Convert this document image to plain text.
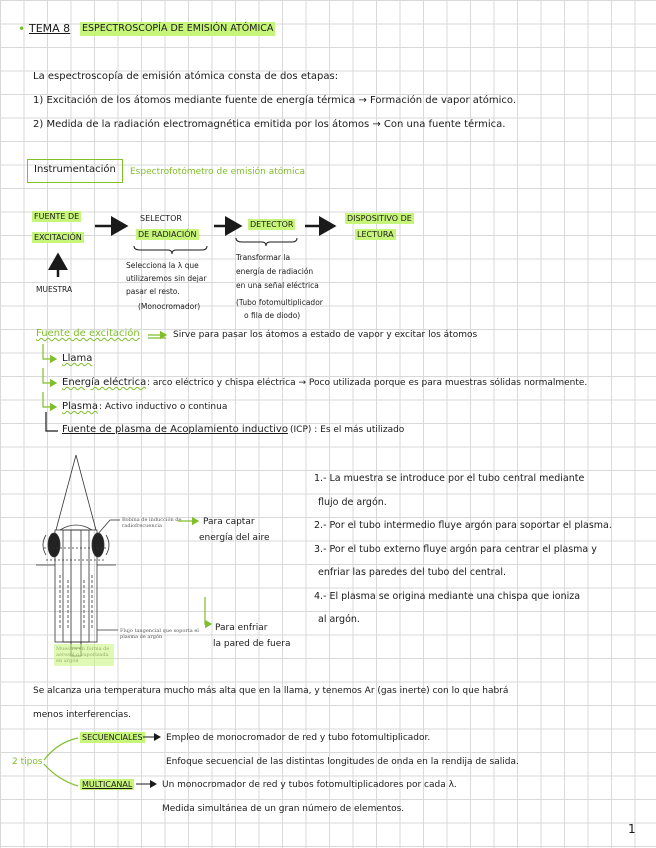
• TEMA 8 ESPECTROSCOPÍA DE EMISIÓN ATÓMICA
La espectroscopía de emisión atómica consta de dos etapas:
1) Excitación de los átomos mediante fuente de energía térmica → Formación de vapor atómico.
2) Medida de la radiación electromagnética emitida por los átomos → Con una fuente térmica.
Instrumentación Espectrofotómetro de emisión atómica
FUENTE DE
EXCITACIÓN
SELECTOR
DE RADIACIÓN
DETECTOR
DISPOSITIVO DE
LECTURA
MUESTRA
Selecciona la λ que
utilizaremos sin dejar
pasar el resto.
(Monocromador)
Transformar la
energía de radiación
en una señal eléctrica
(Tubo fotomultiplicador
o fila de diodo)
Fuente de excitación	Sirve para pasar los átomos a estado de vapor y excitar los átomos
Llama
Energía eléctrica : arco eléctrico y chispa eléctrica → Poco utilizada porque es para muestras sólidas normalmente.
Plasma : Activo inductivo o continua
Fuente de plasma de Acoplamiento inductivo (ICP) : Es el más utilizado
Bobina de inducción de radiofrecuencia
Flujo tangencial que soporta el plasma de argón
Para captar
energía del aire
Para enfriar
la pared de fuera
1.- La muestra se introduce por el tubo central mediante
flujo de argón.
2.- Por el tubo intermedio fluye argón para soportar el plasma.
3.- Por el tubo externo fluye argón para centrar el plasma y
enfriar las paredes del tubo del central.
4.- El plasma se origina mediante una chispa que ioniza
al argón.
Se alcanza una temperatura mucho más alta que en la llama, y tenemos Ar (gas inerte) con lo que habrá
menos interferencias.
2 tipos
SECUENCIALES	Empleo de monocromador de red y tubo fotomultiplicador.
Enfoque secuencial de las distintas longitudes de onda en la rendija de salida.
MULTICANAL	Un monocromador de red y tubos fotomultiplicadores por cada λ.
Medida simultánea de un gran número de elementos.
1
